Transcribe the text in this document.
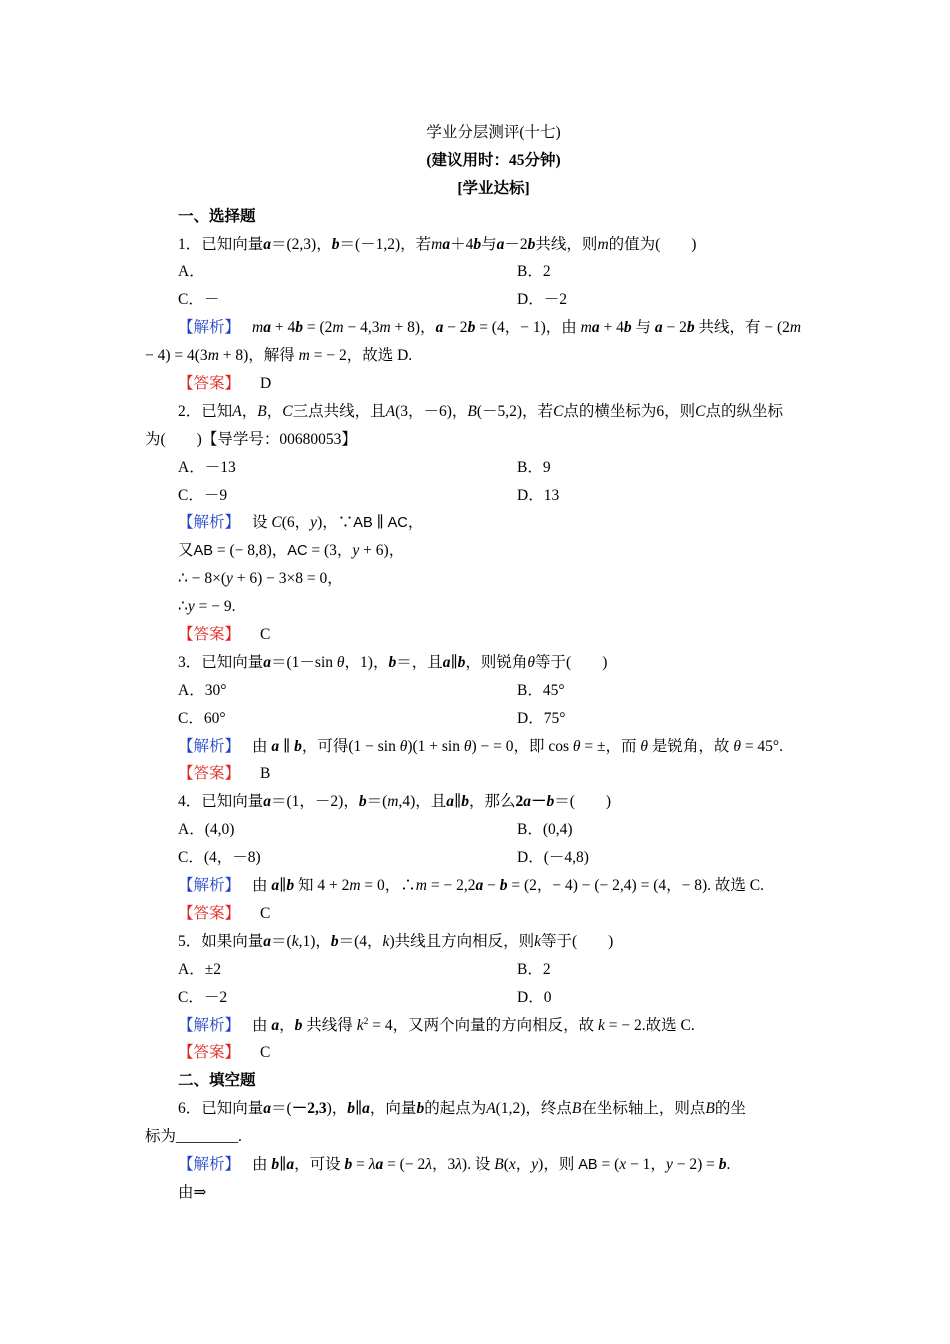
学业分层测评(十七)
(建议用时：45分钟)
[学业达标]
一、选择题
1．已知向量a＝(2,3)，b＝(－1,2)，若ma＋4b与a－2b共线，则m的值为(　　)
A．	B．2
C．－	D．－2
【解析】 ma + 4b = (2m − 4,3m + 8)，a − 2b = (4，− 1)，由 ma + 4b 与 a − 2b 共线，有 − (2m
− 4) = 4(3m + 8)，解得 m = − 2，故选 D.
【答案】 D
2．已知A，B，C三点共线，且A(3，－6)，B(－5,2)，若C点的横坐标为6，则C点的纵坐标
为(　　)【导学号：00680053】
A．－13	B．9
C．－9	D．13
【解析】 设 C(6，y)，∵AB ∥ AC，
又AB = (− 8,8)，AC = (3，y + 6)，
∴ − 8×(y + 6) − 3×8 = 0，
∴y = − 9.
【答案】 C
3．已知向量a＝(1－sin θ，1)，b＝，且a∥b，则锐角θ等于(　　)
A．30°	B．45°
C．60°	D．75°
【解析】 由 a ∥ b，可得(1 − sin θ)(1 + sin θ) − = 0，即 cos θ = ±，而 θ 是锐角，故 θ = 45°.
【答案】 B
4．已知向量a＝(1，－2)，b＝(m,4)，且a∥b，那么2a－b＝(　　)
A．(4,0)	B．(0,4)
C．(4，－8)	D．(－4,8)
【解析】 由 a∥b 知 4 + 2m = 0，∴m = − 2,2a − b = (2，− 4) − (− 2,4) = (4，− 8). 故选 C.
【答案】 C
5．如果向量a＝(k,1)，b＝(4，k)共线且方向相反，则k等于(　　)
A．±2	B．2
C．－2	D．0
【解析】 由 a，b 共线得 $k^2 = 4$，又两个向量的方向相反，故 k = − 2.故选 C.
【答案】 C
二、填空题
6．已知向量a＝(－2,3)，b∥a，向量b的起点为A(1,2)，终点B在坐标轴上，则点B的坐
标为________.
【解析】 由 b∥a，可设 b = λa = (− 2λ，3λ). 设 B(x，y)，则 AB = (x − 1，y − 2) = b.
由⇒
